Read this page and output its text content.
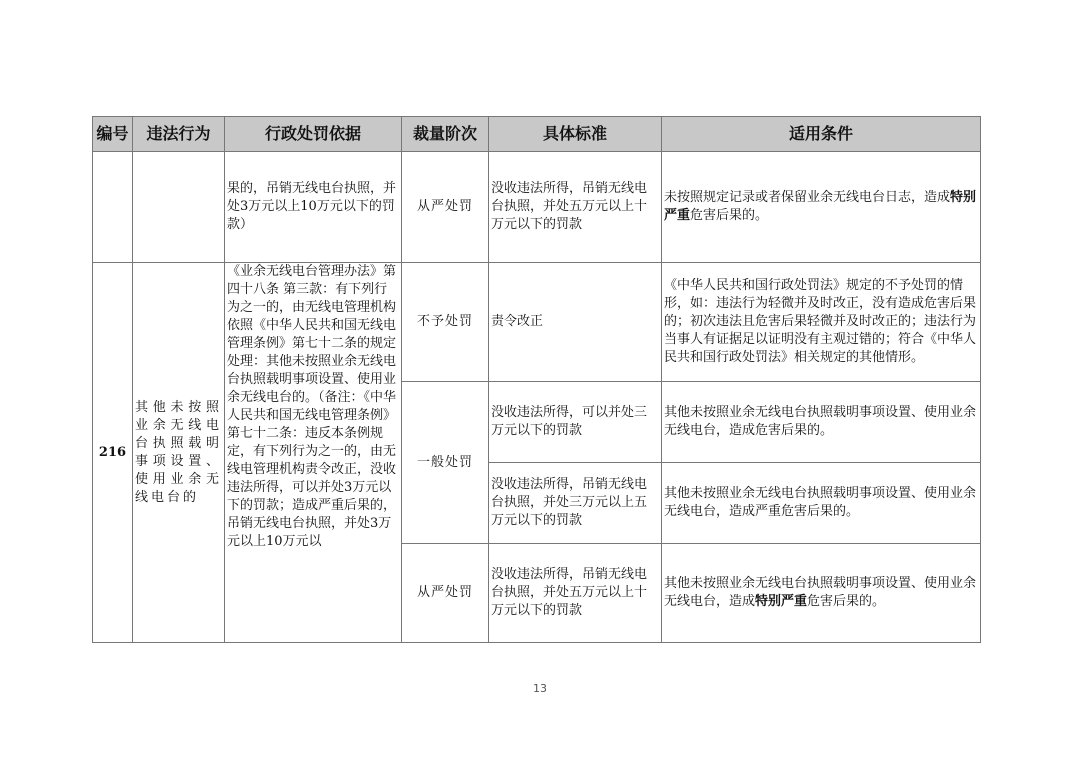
编号	违法行为	行政处罚依据	裁量阶次	具体标准	适用条件
		果的，吊销无线电台执照，并处3万元以上10万元以下的罚款）	从严处罚	没收违法所得，吊销无线电台执照，并处五万元以上十万元以下的罚款	未按照规定记录或者保留业余无线电台日志，造成特别严重危害后果的。
216	其他未按照业余无线电台执照载明事项设置、使用业余无线电台的	《业余无线电台管理办法》第四十八条 第三款：有下列行为之一的，由无线电管理机构依照《中华人民共和国无线电管理条例》第七十二条的规定处理：其他未按照业余无线电台执照载明事项设置、使用业余无线电台的。（备注：《中华人民共和国无线电管理条例》第七十二条：违反本条例规定，有下列行为之一的，由无线电管理机构责令改正，没收违法所得，可以并处3万元以下的罚款；造成严重后果的，吊销无线电台执照，并处3万元以上10万元以	不予处罚	责令改正	《中华人民共和国行政处罚法》规定的不予处罚的情形，如：违法行为轻微并及时改正，没有造成危害后果的；初次违法且危害后果轻微并及时改正的；违法行为当事人有证据足以证明没有主观过错的；符合《中华人民共和国行政处罚法》相关规定的其他情形。
			一般处罚	没收违法所得，可以并处三万元以下的罚款	其他未按照业余无线电台执照载明事项设置、使用业余无线电台，造成危害后果的。
				没收违法所得，吊销无线电台执照，并处三万元以上五万元以下的罚款	其他未按照业余无线电台执照载明事项设置、使用业余无线电台，造成严重危害后果的。
			从严处罚	没收违法所得，吊销无线电台执照，并处五万元以上十万元以下的罚款	其他未按照业余无线电台执照载明事项设置、使用业余无线电台，造成特别严重危害后果的。
13
